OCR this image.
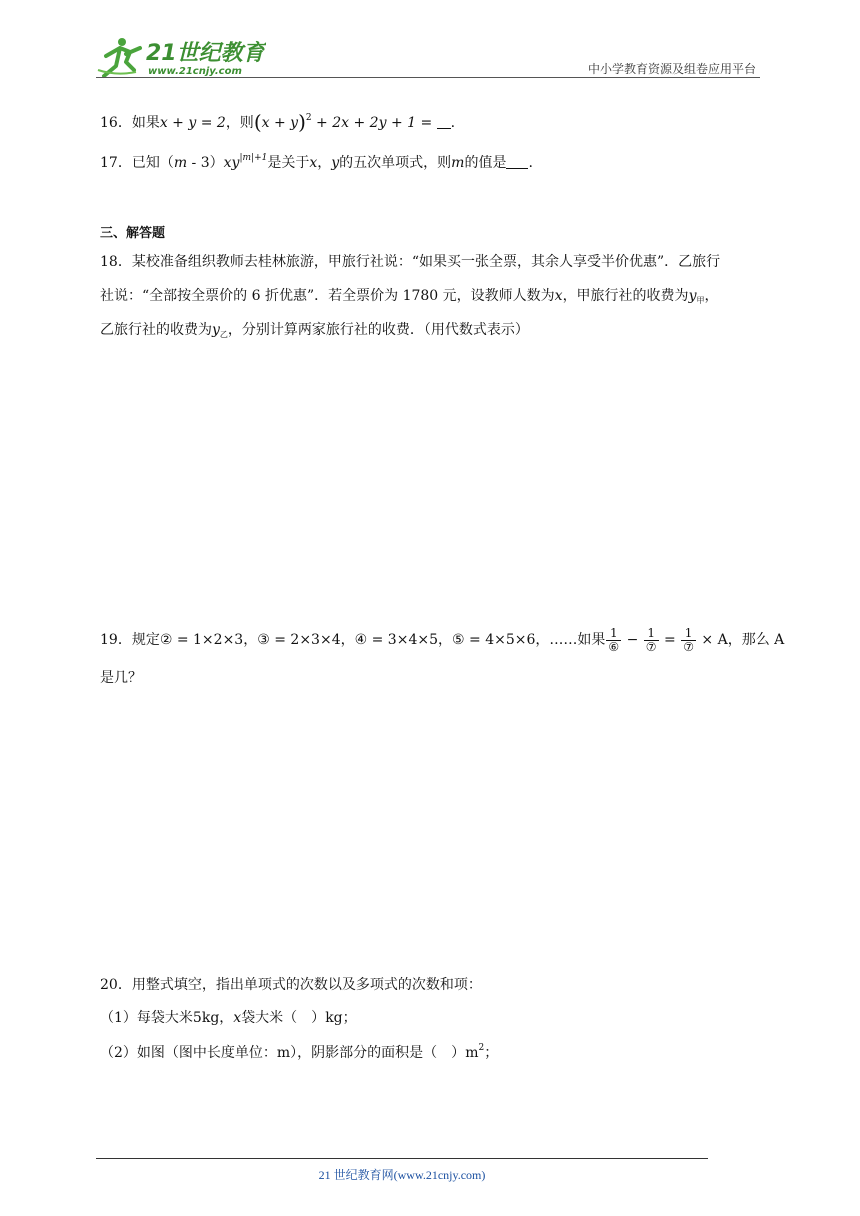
21世纪教育
www.21cnjy.com	中小学教育资源及组卷应用平台
16．如果x + y = 2，则$(x + y)^2 + 2x + 2y + 1$ = .
17．已知$(m - 3)xy^{|m|+1}$是关于x，y的五次单项式，则m的值是 .
三、解答题
18．某校准备组织教师去桂林旅游，甲旅行社说：“如果买一张全票，其余人享受半价优惠”．乙旅行
社说：“全部按全票价的 6 折优惠”．若全票价为 1780 元，设教师人数为x，甲旅行社的收费为$y_甲$，
乙旅行社的收费为$y_乙$，分别计算两家旅行社的收费．（用代数式表示）
19．规定② = 1×2×3，③ = 2×3×4，④ = 3×4×5，⑤ = 4×5×6，……如果 $\frac{1}{\text{⑥}} - \frac{1}{\text{⑦}} = \frac{1}{\text{⑦}} \times A$，那么 A
是几？
20．用整式填空，指出单项式的次数以及多项式的次数和项：
（1）每袋大米5kg，x袋大米（　）kg；
（2）如图（图中长度单位：m），阴影部分的面积是（　）$m^2$；
21 世纪教育网(www.21cnjy.com)
